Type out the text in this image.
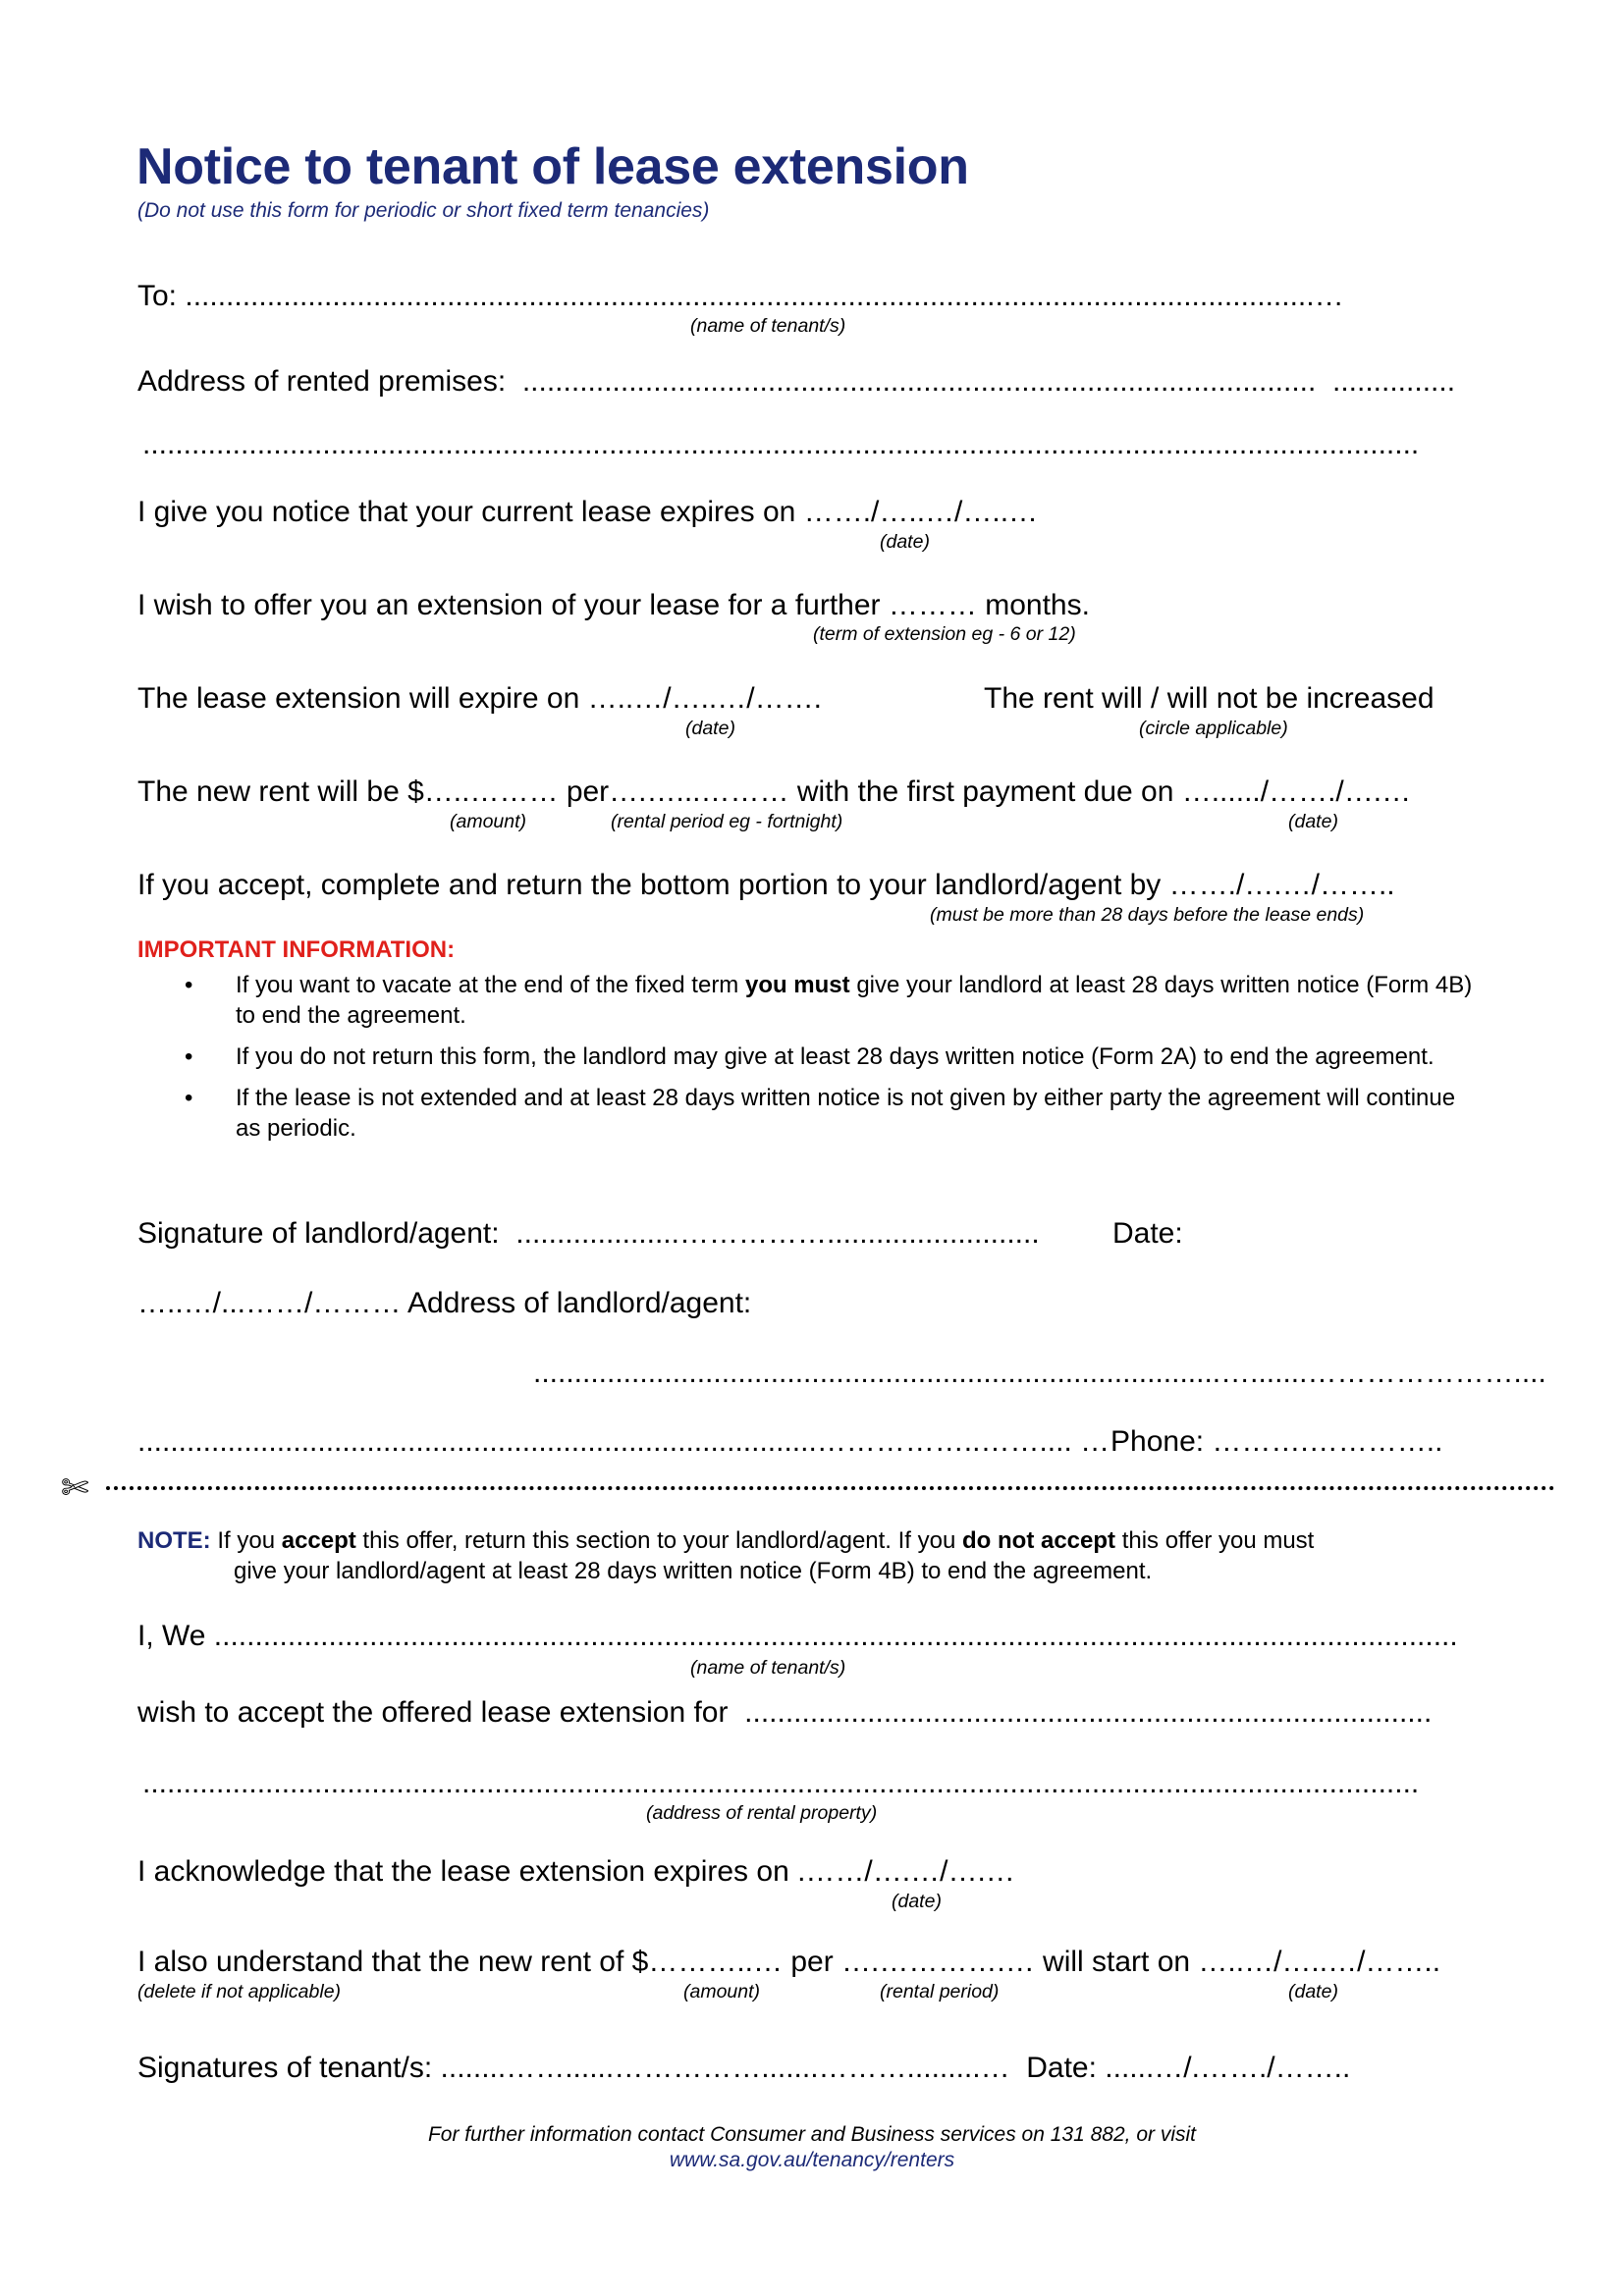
Notice to tenant of lease extension
(Do not use this form for periodic or short fixed term tenancies)
To: ..........................................................................................................................................…
(name of tenant/s)
Address of rented premises:  .................................................................................................  ...............
............................................................................................................................................................
I give you notice that your current lease expires on ……./…..…/…..…
(date)
I wish to offer you an extension of your lease for a further ……… months.
(term of extension eg - 6 or 12)
The lease extension will expire on …..…/…..…/…….
(date)
The rent will / will not be increased
(circle applicable)
The new rent will be $…..……… per….…...……… with the first payment due on …....../……./….…
(amount)	(rental period eg - fortnight)	(date)
If you accept, complete and return the bottom portion to your landlord/agent by ……./….…/……..
(must be more than 28 days before the lease ends)
IMPORTANT INFORMATION:
• If you want to vacate at the end of the fixed term you must give your landlord at least 28 days written notice (Form 4B) to end the agreement.
• If you do not return this form, the landlord may give at least 28 days written notice (Form 2A) to end the agreement.
• If the lease is not extended and at least 28 days written notice is not given by either party the agreement will continue as periodic.
Signature of landlord/agent:  ....................…………….......................... Date:
…..…/...……/……… Address of landlord/agent:
....................................................................................….......…………………....
...................................................................................……………..…….... … Phone: ……….…………..
✄
NOTE: If you accept this offer, return this section to your landlord/agent. If you do not accept this offer you must
give your landlord/agent at least 28 days written notice (Form 4B) to end the agreement.
I, We ........................................................................................................................................................
(name of tenant/s)
wish to accept the offered lease extension for  ....................................................................................
............................................................................................................................................................
(address of rental property)
I acknowledge that the lease extension expires on .……/….…/….…
(date)
I also understand that the new rent of $………..… per ….………….… will start on …..…/…..…/……..
(delete if not applicable)	(amount)	(rental period)	(date)
Signatures of tenant/s: ........……......…………….......……….........…  Date: ......…/.……./……..
For further information contact Consumer and Business services on 131 882, or visit
www.sa.gov.au/tenancy/renters
